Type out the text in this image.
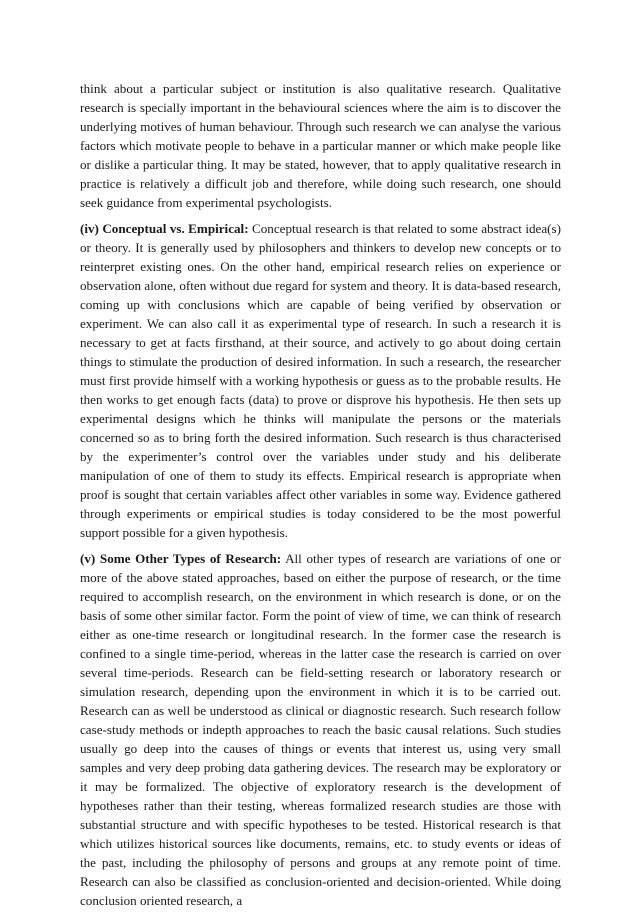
think about a particular subject or institution is also qualitative research. Qualitative research is specially important in the behavioural sciences where the aim is to discover the underlying motives of human behaviour. Through such research we can analyse the various factors which motivate people to behave in a particular manner or which make people like or dislike a particular thing. It may be stated, however, that to apply qualitative research in practice is relatively a difficult job and therefore, while doing such research, one should seek guidance from experimental psychologists.

(iv) Conceptual vs. Empirical: Conceptual research is that related to some abstract idea(s) or theory. It is generally used by philosophers and thinkers to develop new concepts or to reinterpret existing ones. On the other hand, empirical research relies on experience or observation alone, often without due regard for system and theory. It is data-based research, coming up with conclusions which are capable of being verified by observation or experiment. We can also call it as experimental type of research. In such a research it is necessary to get at facts firsthand, at their source, and actively to go about doing certain things to stimulate the production of desired information. In such a research, the researcher must first provide himself with a working hypothesis or guess as to the probable results. He then works to get enough facts (data) to prove or disprove his hypothesis. He then sets up experimental designs which he thinks will manipulate the persons or the materials concerned so as to bring forth the desired information. Such research is thus characterised by the experimenter’s control over the variables under study and his deliberate manipulation of one of them to study its effects. Empirical research is appropriate when proof is sought that certain variables affect other variables in some way. Evidence gathered through experiments or empirical studies is today considered to be the most powerful support possible for a given hypothesis.

(v) Some Other Types of Research: All other types of research are variations of one or more of the above stated approaches, based on either the purpose of research, or the time required to accomplish research, on the environment in which research is done, or on the basis of some other similar factor. Form the point of view of time, we can think of research either as one-time research or longitudinal research. In the former case the research is confined to a single time-period, whereas in the latter case the research is carried on over several time-periods. Research can be field-setting research or laboratory research or simulation research, depending upon the environment in which it is to be carried out. Research can as well be understood as clinical or diagnostic research. Such research follow case-study methods or indepth approaches to reach the basic causal relations. Such studies usually go deep into the causes of things or events that interest us, using very small samples and very deep probing data gathering devices. The research may be exploratory or it may be formalized. The objective of exploratory research is the development of hypotheses rather than their testing, whereas formalized research studies are those with substantial structure and with specific hypotheses to be tested. Historical research is that which utilizes historical sources like documents, remains, etc. to study events or ideas of the past, including the philosophy of persons and groups at any remote point of time. Research can also be classified as conclusion-oriented and decision-oriented. While doing conclusion oriented research, a
